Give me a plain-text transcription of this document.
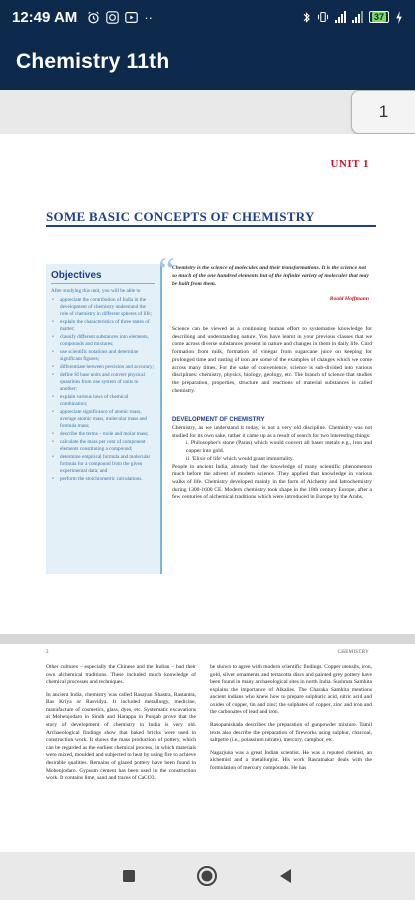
12:49 AM	··	37
Chemistry 11th
1
UNIT 1
SOME BASIC CONCEPTS OF CHEMISTRY
Objectives
After studying this unit, you will be able to
• appreciate the contribution of India in the development of chemistry understand the role of chemistry in different spheres of life;
• explain the characteristics of three states of matter;
• classify different substances into elements, compounds and mixtures;
• use scientific notations and determine significant figures;
• differentiate between precision and accuracy;
• define SI base units and convert physical quantities from one system of units to another;
• explain various laws of chemical combination;
• appreciate significance of atomic mass, average atomic mass, molecular mass and formula mass;
• describe the terms – mole and molar mass;
• calculate the mass per cent of component elements constituting a compound;
• determine empirical formula and molecular formula for a compound from the given experimental data; and
• perform the stoichiometric calculations.
“
Chemistry is the science of molecules and their transformations. It is the science not so much of the one hundred elements but of the infinite variety of molecules that may be built from them.
Roald Hoffmann
Science can be viewed as a continuing human effort to systematise knowledge for describing and understanding nature. You have learnt in your previous classes that we come across diverse substances present in nature and changes in them in daily life. Curd formation from milk, formation of vinegar from sugarcane juice on keeping for prolonged time and rusting of iron are some of the examples of changes which we come across many times. For the sake of convenience, science is sub-divided into various disciplines: chemistry, physics, biology, geology, etc. The branch of science that studies the preparation, properties, structure and reactions of material substances is called chemistry.
DEVELOPMENT OF CHEMISTRY
Chemistry, as we understand it today, is not a very old discipline. Chemistry was not studied for its own sake, rather it came up as a result of search for two interesting things:
i. Philosopher's stone (Paras) which would convert all baser metals e.g., iron and copper into gold.
ii. 'Elixir of life' which would grant immortality.
People in ancient India, already had the knowledge of many scientific phenomenon much before the advent of modern science. They applied that knowledge in various walks of life. Chemistry developed mainly in the form of Alchemy and Iatrochemistry during 1300-1600 CE. Modern chemistry took shape in the 18th century Europe, after a few centuries of alchemical traditions which were introduced in Europe by the Arabs.
2	CHEMISTRY
Other cultures – especially the Chinese and the Indian – had their own alchemical traditions. These included much knowledge of chemical processes and techniques.
In ancient India, chemistry was called Rasayan Shastra, Rastantra, Ras Kriya or Rasvidya. It included metallurgy, medicine, manufacture of cosmetics, glass, dyes, etc. Systematic excavations at Mohenjodaro in Sindh and Harappa in Punjab prove that the story of development of chemistry in India is very old. Archaeological findings show that baked bricks were used in construction work. It shows the mass production of pottery, which can be regarded as the earliest chemical process, in which materials were mixed, moulded and subjected to heat by using fire to achieve desirable qualities. Remains of glazed pottery have been found in Mohenjodaro. Gypsum cement has been used in the construction work. It contains lime, sand and traces of CaCO3.
be shown to agree with modern scientific findings. Copper utensils, iron, gold, silver ornaments and terracotta discs and painted grey pottery have been found in many archaeological sites in north India. Sushruta Samhita explains the importance of Alkalies. The Charaka Samhita mentions ancient indians who knew how to prepare sulphuric acid, nitric acid and oxides of copper, tin and zinc; the sulphates of copper, zinc and iron and the carbonates of lead and iron.
Rasopanishada describes the preparation of gunpowder mixture. Tamil texts also describe the preparation of fireworks using sulphur, charcoal, saltpetre (i.e., potassium nitrate), mercury, camphor, etc.
Nagarjuna was a great Indian scientist. He was a reputed chemist, an alchemist and a metallurgist. His work Rasratnakar deals with the formulation of mercury compounds. He has
